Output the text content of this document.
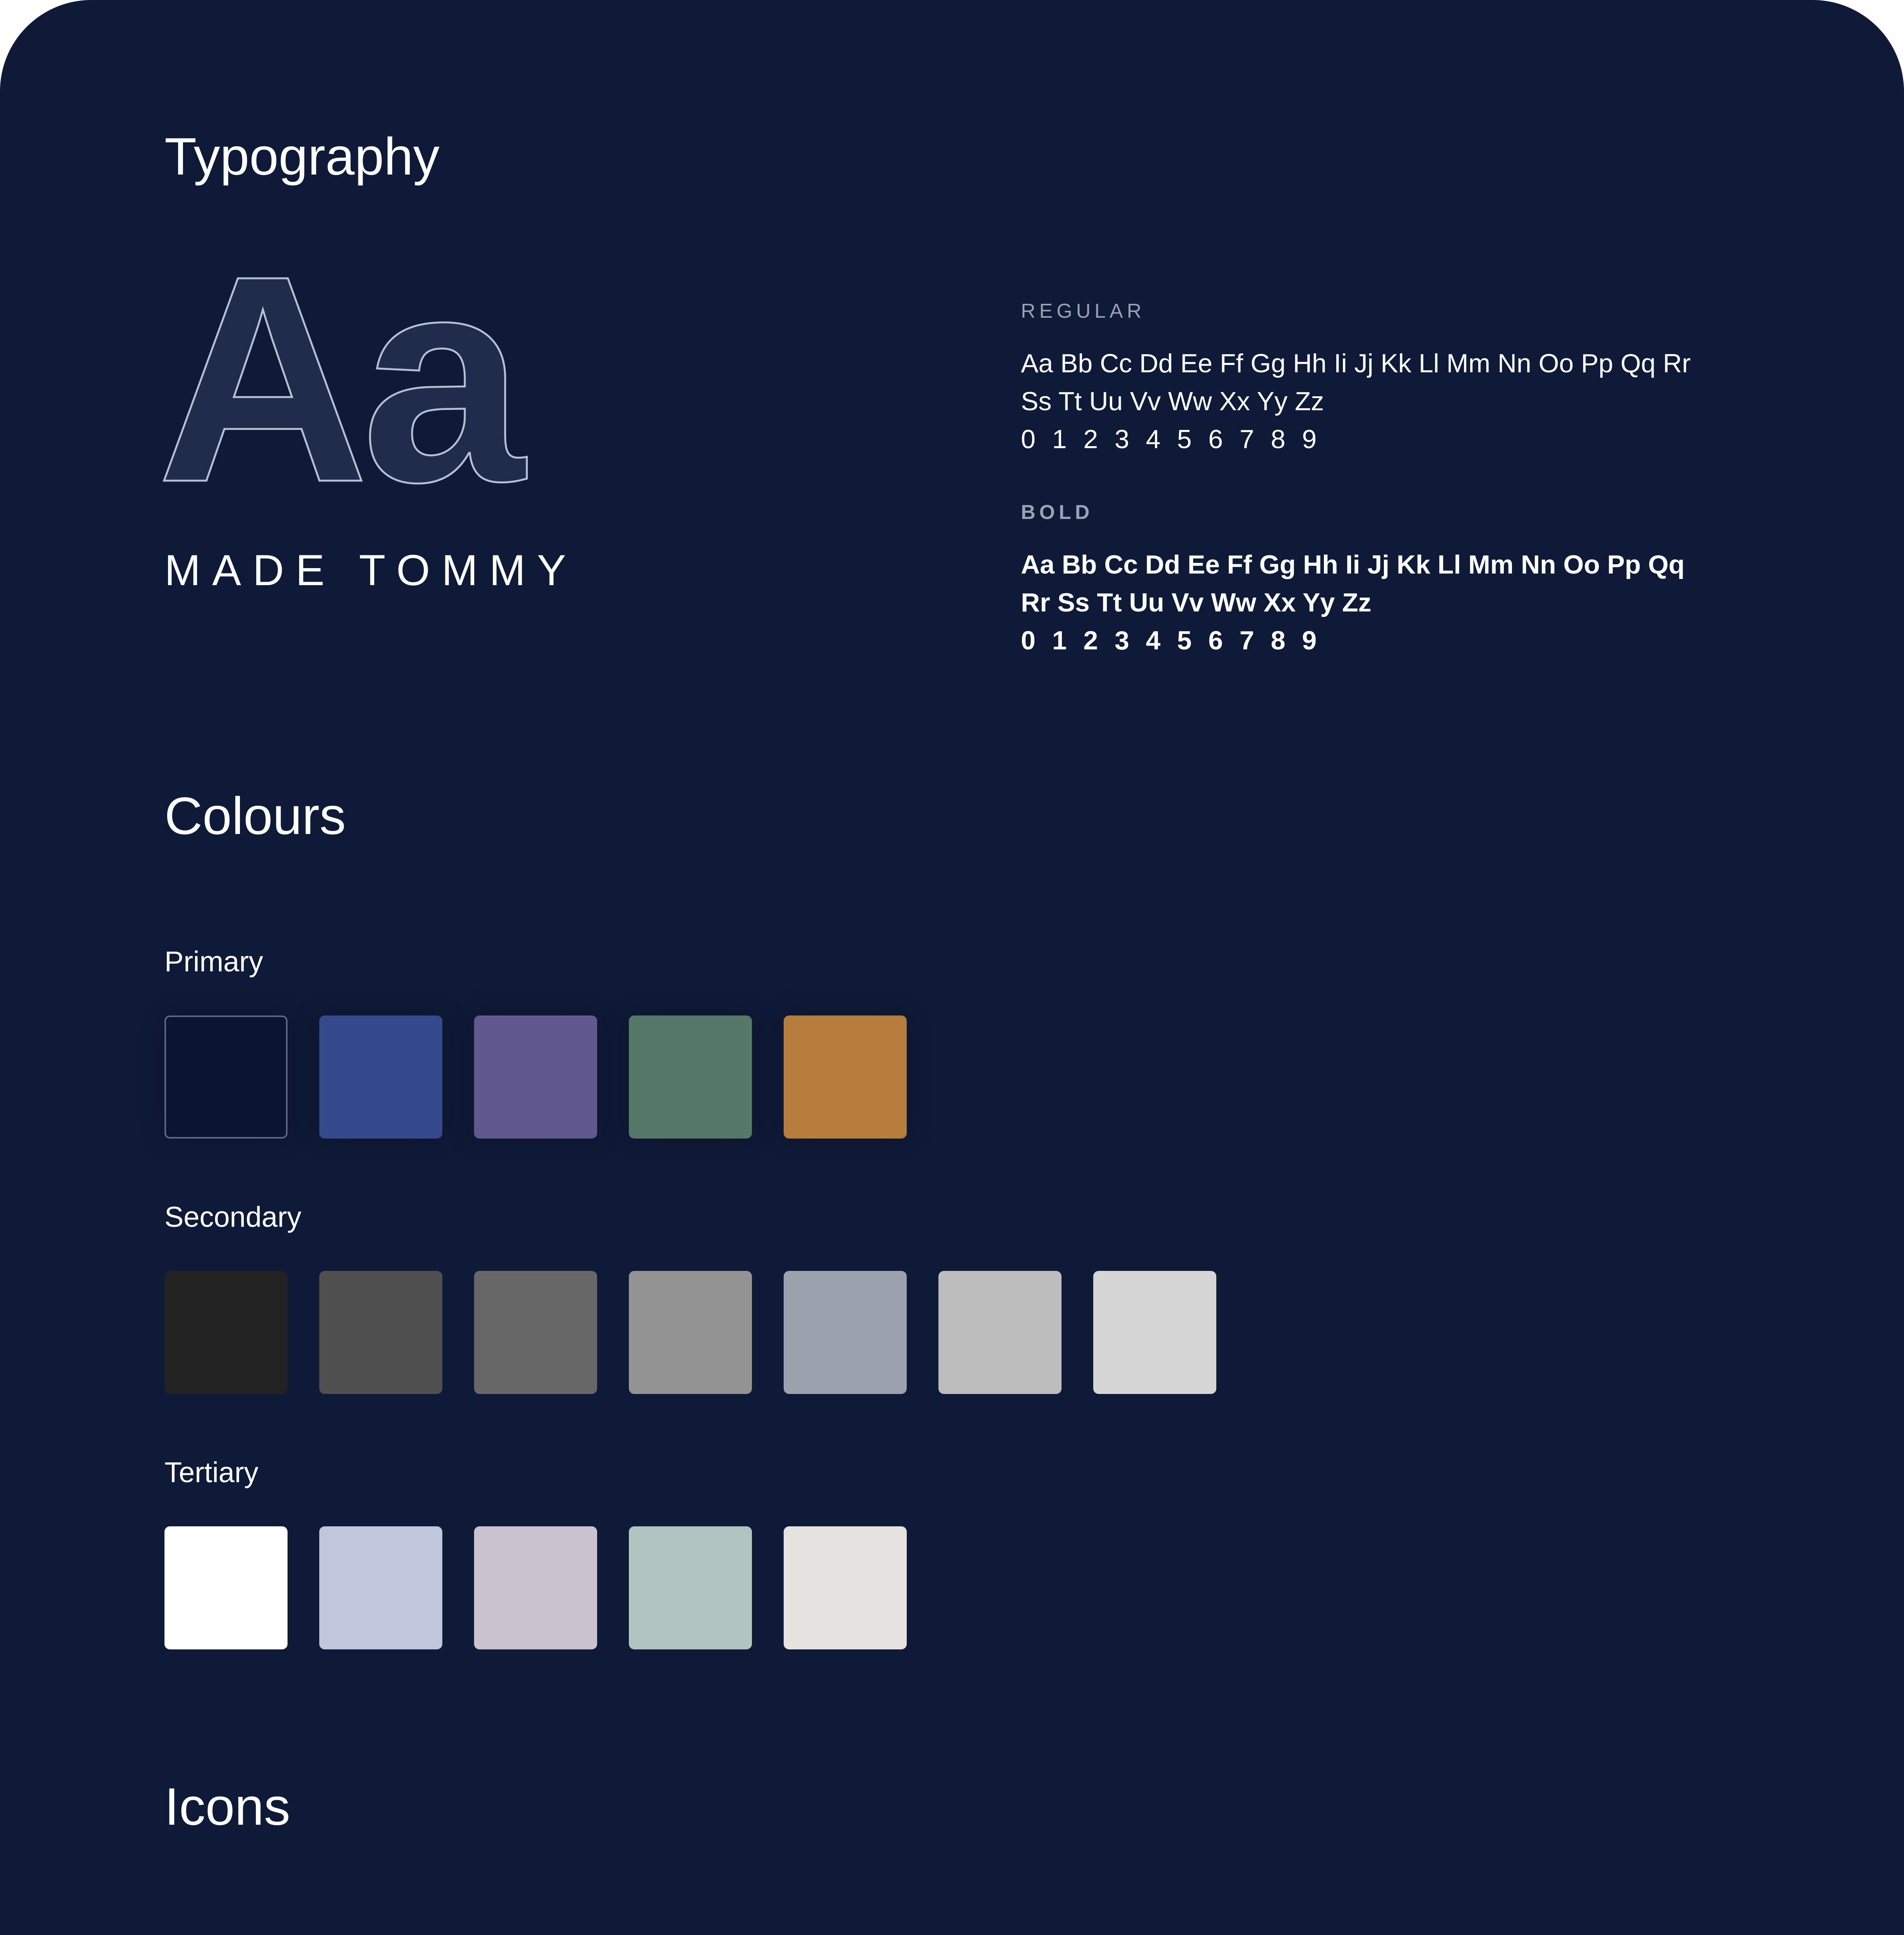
Typography
Aa
MADE TOMMY
REGULAR
Aa Bb Cc Dd Ee Ff Gg Hh Ii Jj Kk Ll Mm Nn Oo Pp Qq Rr
Ss Tt Uu Vv Ww Xx Yy Zz
0 1 2 3 4 5 6 7 8 9
BOLD
Aa Bb Cc Dd Ee Ff Gg Hh Ii Jj Kk Ll Mm Nn Oo Pp Qq
Rr Ss Tt Uu Vv Ww Xx Yy Zz
0 1 2 3 4 5 6 7 8 9
Colours
Primary
Secondary
Tertiary
Icons
